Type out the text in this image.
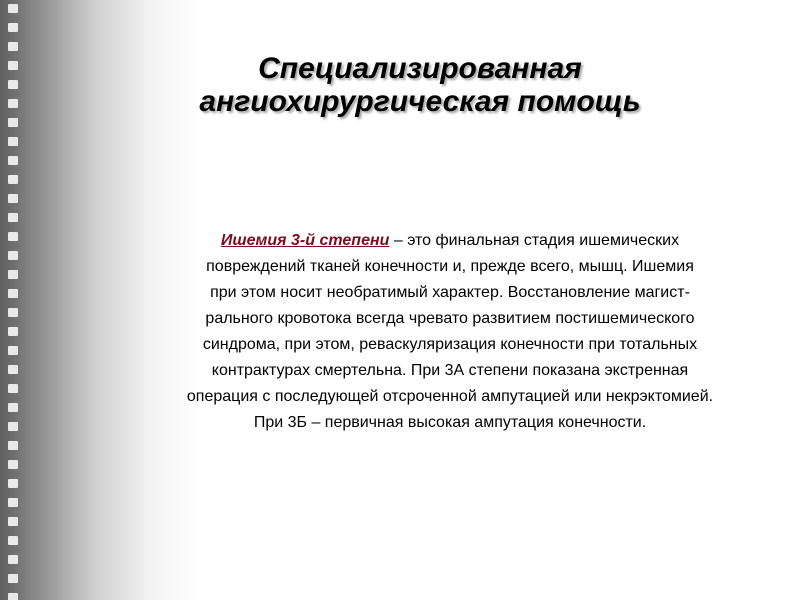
Специализированная
ангиохирургическая помощь
Ишемия 3-й степени – это финальная стадия ишемических
повреждений тканей конечности и, прежде всего, мышц. Ишемия
при этом носит необратимый характер. Восстановление магист-
рального кровотока всегда чревато развитием постишемического
синдрома, при этом, реваскуляризация конечности при тотальных
контрактурах смертельна. При 3А степени показана экстренная
операция с последующей отсроченной ампутацией или некрэктомией.
При 3Б – первичная высокая ампутация конечности.
